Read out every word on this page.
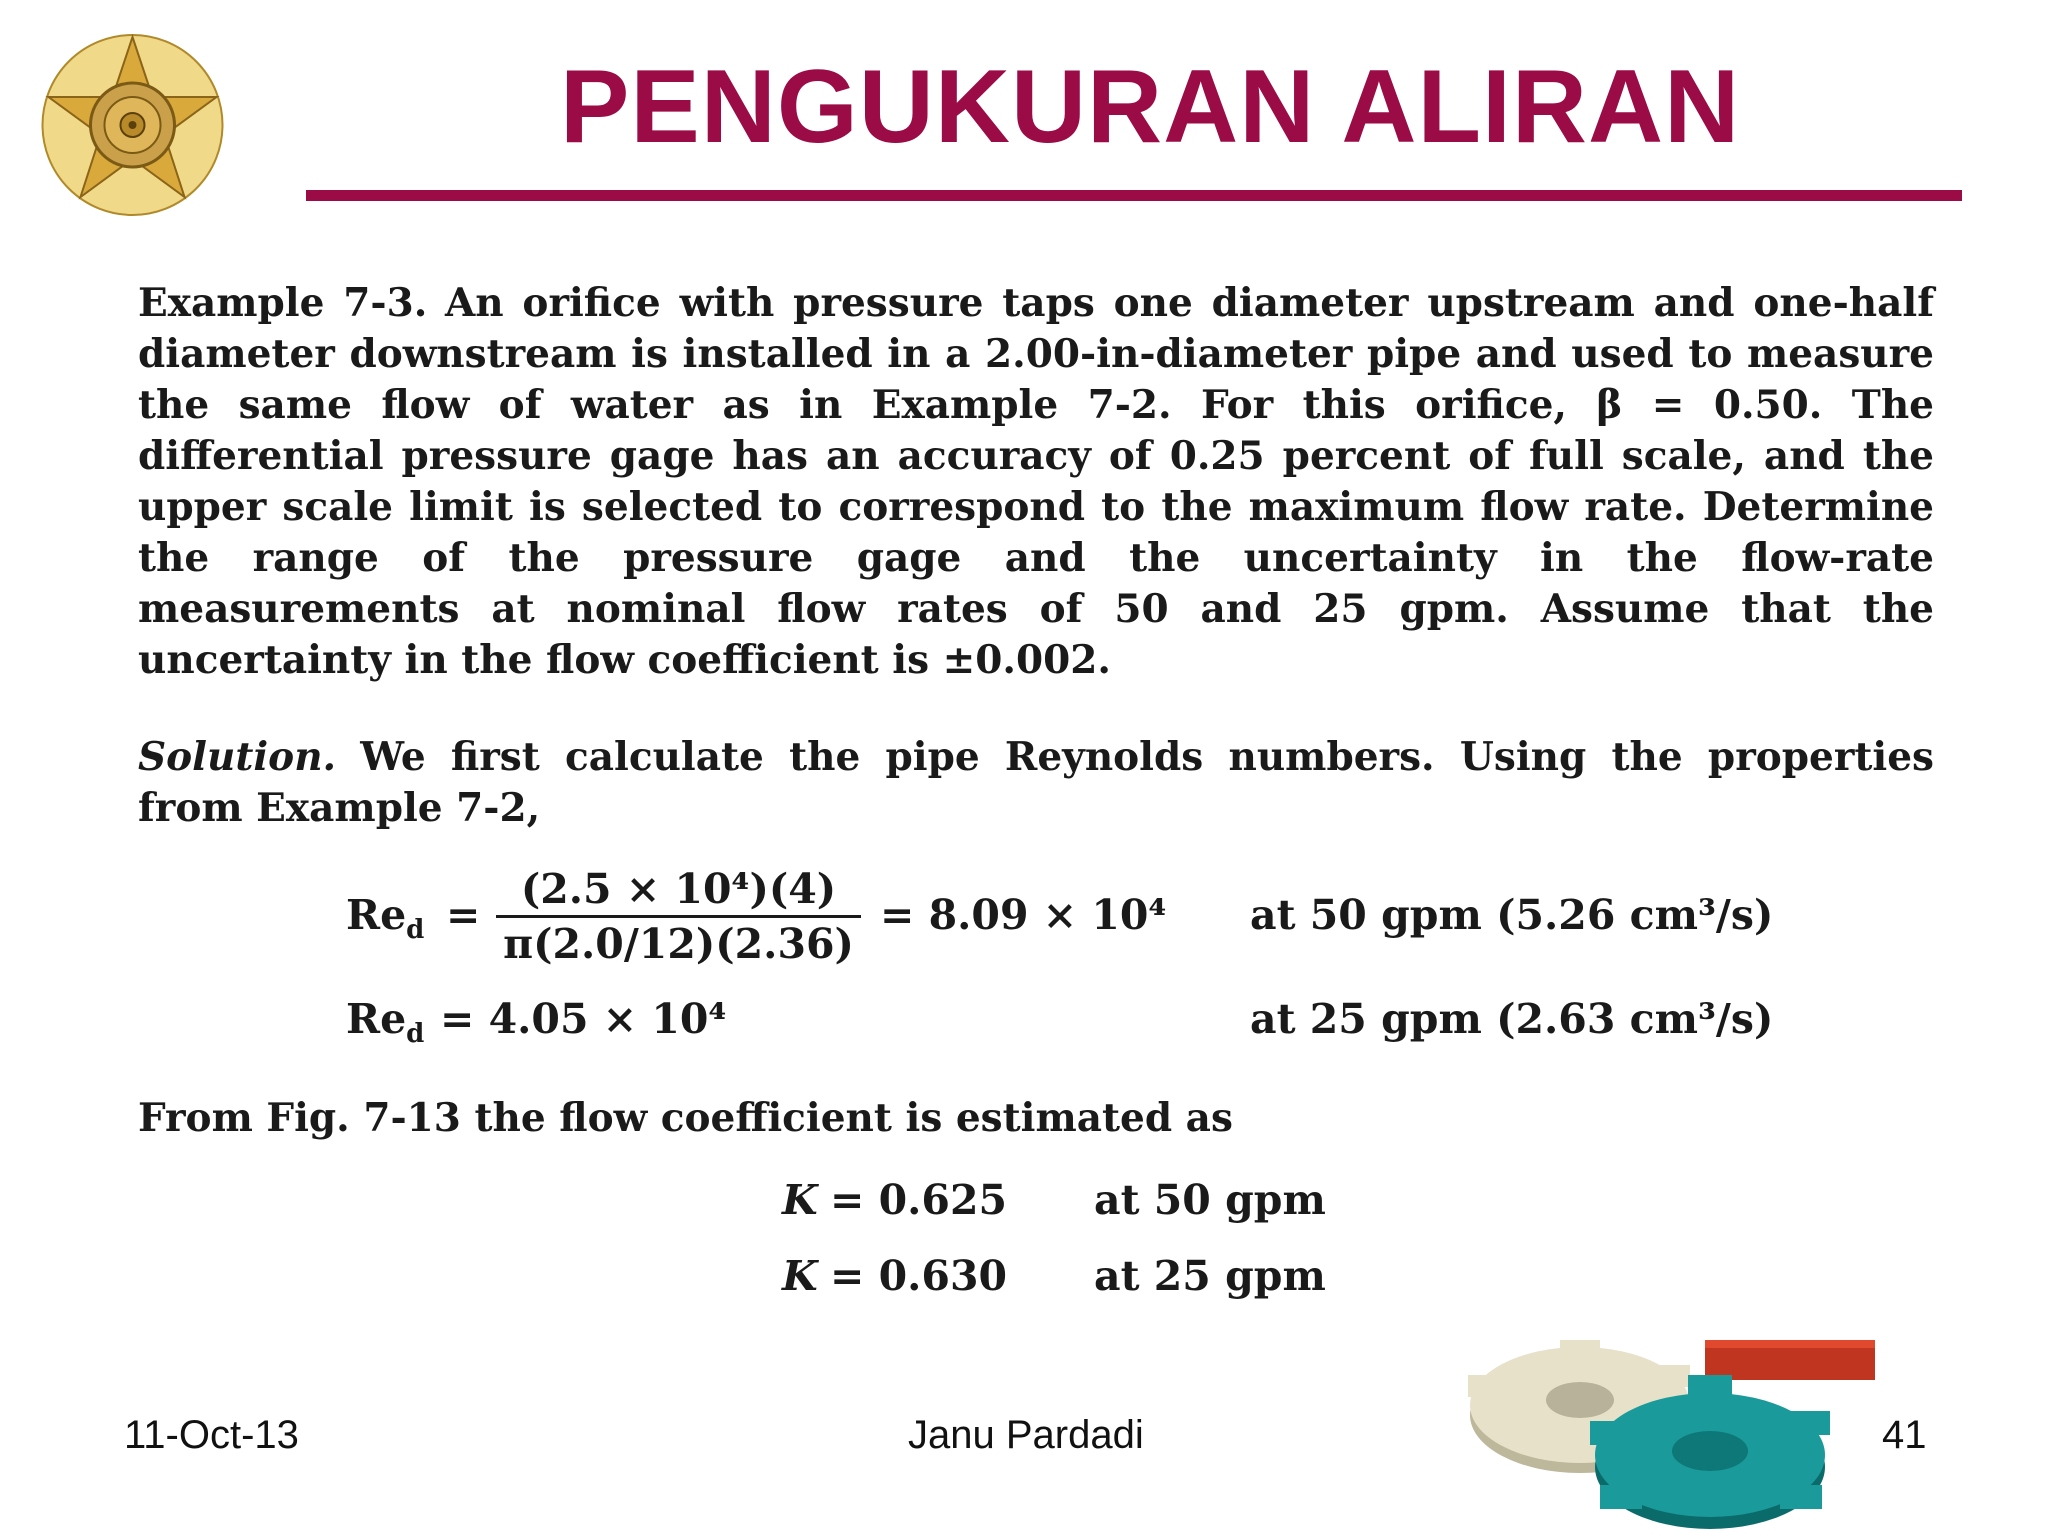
PENGUKURAN ALIRAN
Example 7-3. An orifice with pressure taps one diameter upstream and one-half diameter downstream is installed in a 2.00-in-diameter pipe and used to measure the same flow of water as in Example 7-2. For this orifice, β = 0.50. The differential pressure gage has an accuracy of 0.25 percent of full scale, and the upper scale limit is selected to correspond to the maximum flow rate. Determine the range of the pressure gage and the uncertainty in the flow-rate measurements at nominal flow rates of 50 and 25 gpm. Assume that the uncertainty in the flow coefficient is ±0.002.
Solution. We first calculate the pipe Reynolds numbers. Using the properties from Example 7-2,
$Re_d = \frac{\text{(2.5 × 10⁴)(4)}}{\pi(2.0/12)(2.36)} = 8.09 \times 10^4$ at 50 gpm (5.26 cm³/s)
$Re_d = 4.05 \times 10^4$	at 25 gpm (2.63 cm³/s)
From Fig. 7-13 the flow coefficient is estimated as
K = 0.625 at 50 gpm
K = 0.630 at 25 gpm
11-Oct-13	Janu Pardadi	41
